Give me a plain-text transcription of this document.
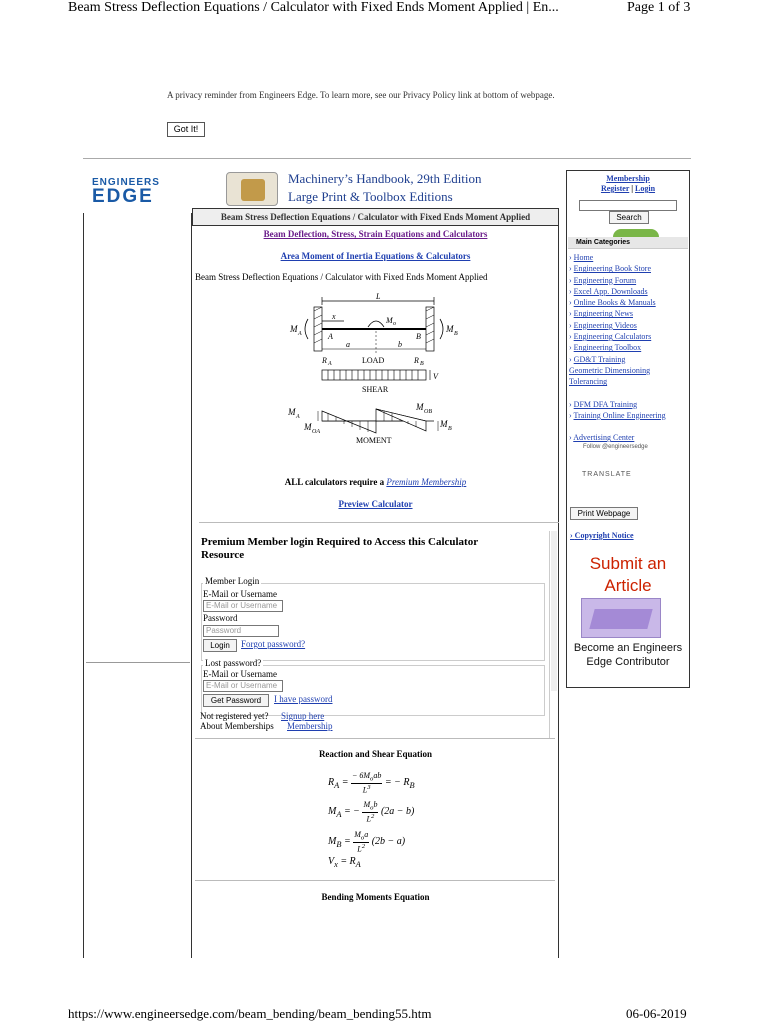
Beam Stress Deflection Equations / Calculator with Fixed Ends Moment Applied | En...	Page 1 of 3
A privacy reminder from Engineers Edge. To learn more, see our Privacy Policy link at bottom of webpage.
Got It!
ENGINEERS
EDGE
Machinery’s Handbook, 29th Edition
Large Print & Toolbox Editions
Beam Stress Deflection Equations / Calculator with Fixed Ends Moment Applied
Beam Deflection, Stress, Strain Equations and Calculators
Area Moment of Inertia Equations & Calculators
Beam Stress Deflection Equations / Calculator with Fixed Ends Moment Applied
L
x
M A	M B
M o
A	B
a	b
R A	LOAD	R B
V
SHEAR
M A
M OA
M OB
M B
MOMENT
ALL calculators require a Premium Membership
Preview Calculator
Premium Member login Required to Access this Calculator Resource
Member Login
E-Mail or Username
E-Mail or Username
Password
Password
Login	Forgot password?
Lost password?
E-Mail or Username
E-Mail or Username
Get Password	I have password
Not registered yet? Signup here
About Memberships Membership
Reaction and Shear Equation
$R_A = \frac{- 6M_oab}{L^3}$ = − $R_B$
$M_A$ = − $\frac{M_ob}{L^2} (2a - b)$
$M_B = \frac{M_oa}{L^2} (2b - a)$
$V_x = R_A$
Bending Moments Equation
Membership
Register | Login
Search
Main Categories
› Home
› Engineering Book Store
› Engineering Forum
› Excel App. Downloads
› Online Books & Manuals
› Engineering News
› Engineering Videos
› Engineering Calculators
› Engineering Toolbox
› GD&T Training
Geometric Dimensioning Tolerancing
› DFM DFA Training
› Training Online Engineering
› Advertising Center
Follow @engineersedge
TRANSLATE
Print Webpage
› Copyright Notice
Submit an Article
Become an Engineers Edge Contributor
https://www.engineersedge.com/beam_bending/beam_bending55.htm	06-06-2019
